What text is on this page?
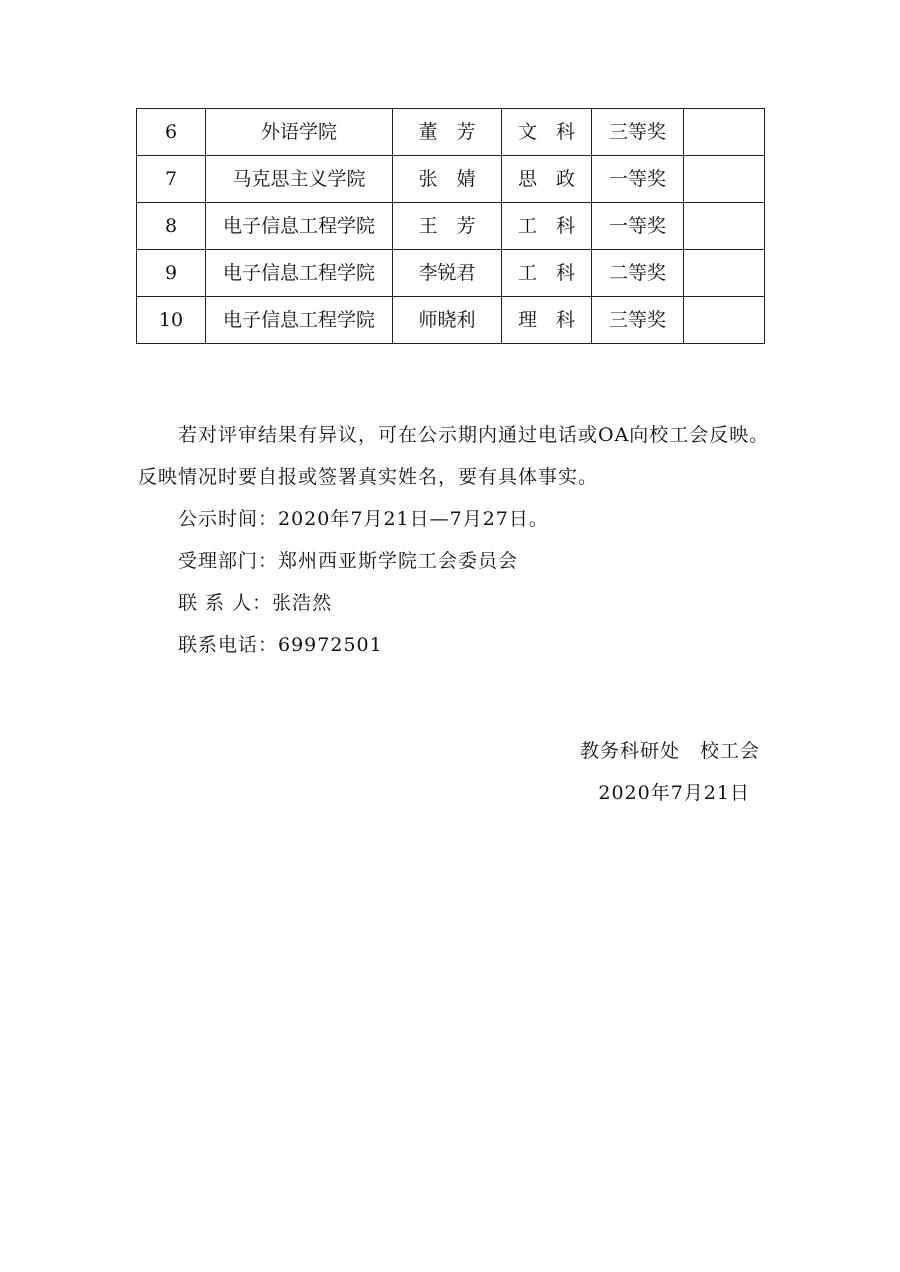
6	外语学院	董　芳	文　科	三等奖	
7	马克思主义学院	张　婧	思　政	一等奖	
8	电子信息工程学院	王　芳	工　科	一等奖	
9	电子信息工程学院	李锐君	工　科	二等奖	
10	电子信息工程学院	师晓利	理　科	三等奖	

若对评审结果有异议，可在公示期内通过电话或OA向校工会反映。反映情况时要自报或签署真实姓名，要有具体事实。

公示时间：2020年7月21日—7月27日。

受理部门：郑州西亚斯学院工会委员会

联 系 人：张浩然

联系电话：69972501

教务科研处　校工会
2020年7月21日
